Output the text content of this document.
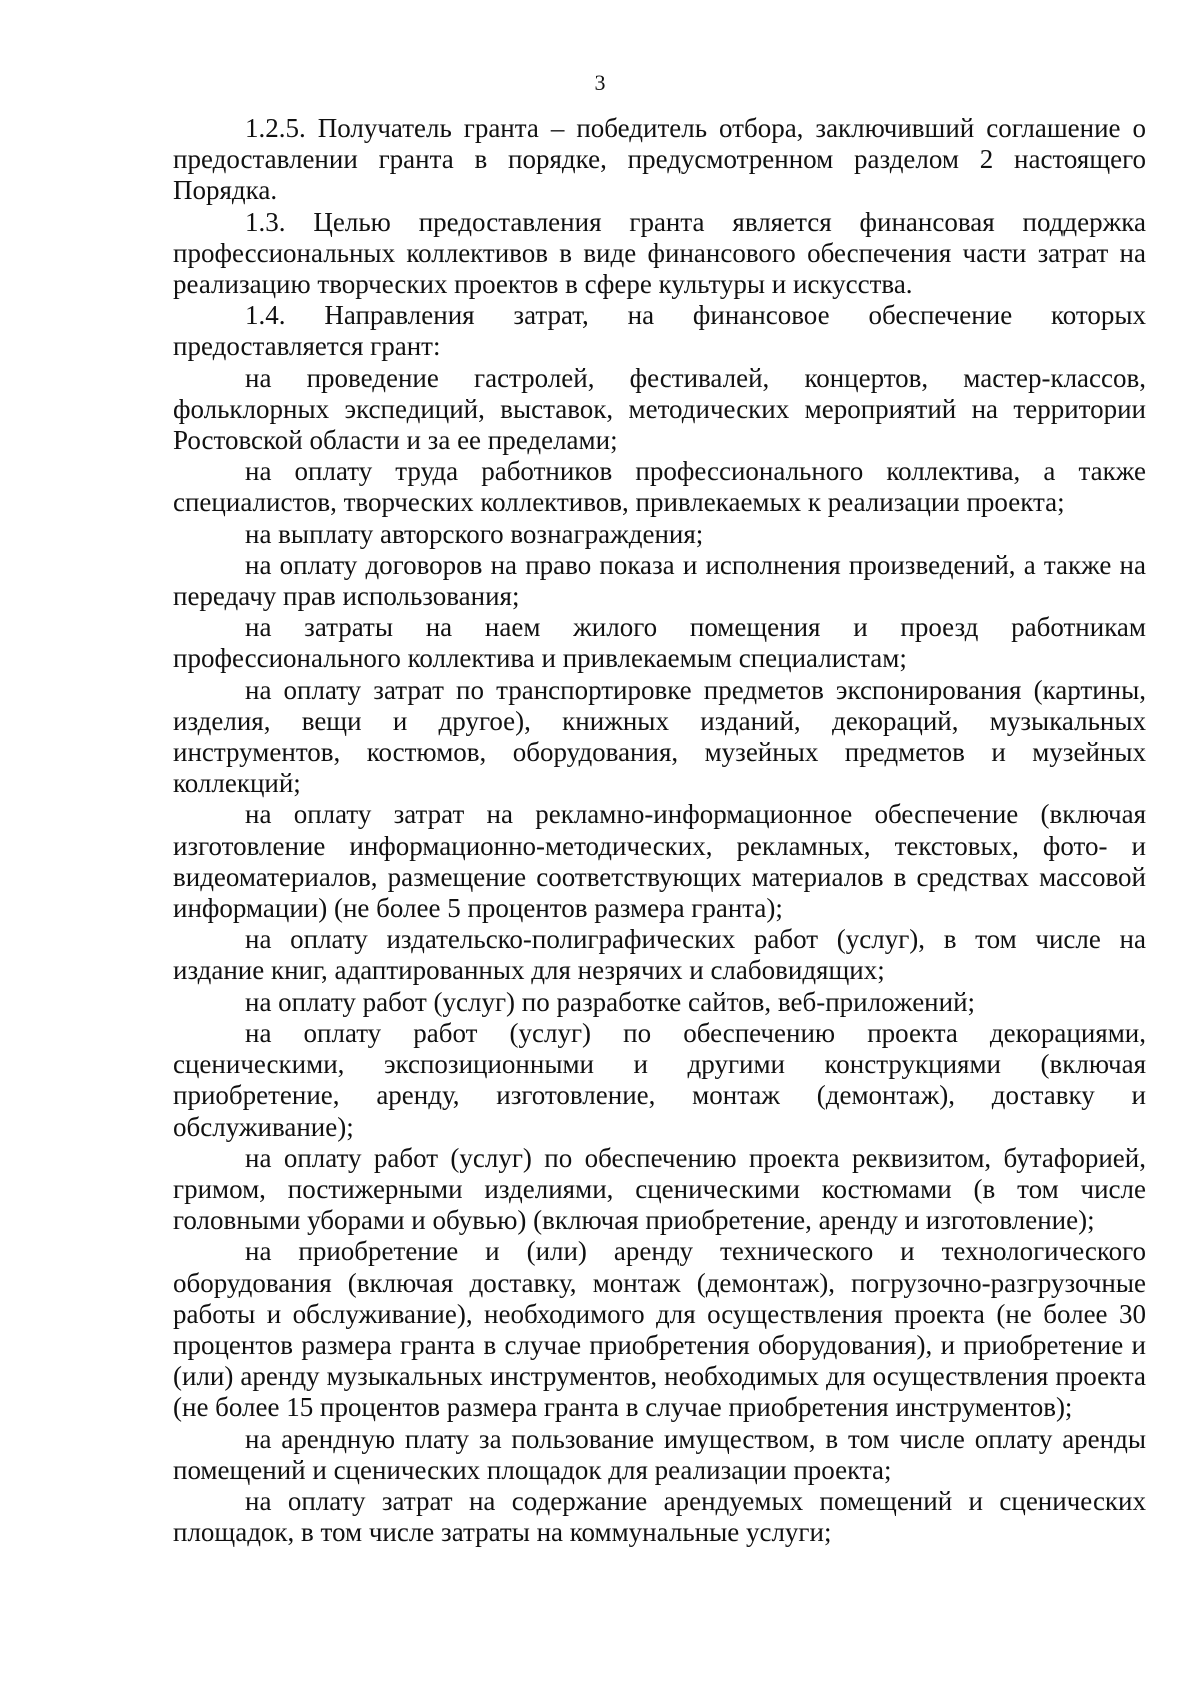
3

1.2.5. Получатель гранта – победитель отбора, заключивший соглашение о предоставлении гранта в порядке, предусмотренном разделом 2 настоящего Порядка.

1.3. Целью предоставления гранта является финансовая поддержка профессиональных коллективов в виде финансового обеспечения части затрат на реализацию творческих проектов в сфере культуры и искусства.

1.4. Направления затрат, на финансовое обеспечение которых предоставляется грант:

на проведение гастролей, фестивалей, концертов, мастер-классов, фольклорных экспедиций, выставок, методических мероприятий на территории Ростовской области и за ее пределами;

на оплату труда работников профессионального коллектива, а также специалистов, творческих коллективов, привлекаемых к реализации проекта;

на выплату авторского вознаграждения;

на оплату договоров на право показа и исполнения произведений, а также на передачу прав использования;

на затраты на наем жилого помещения и проезд работникам профессионального коллектива и привлекаемым специалистам;

на оплату затрат по транспортировке предметов экспонирования (картины, изделия, вещи и другое), книжных изданий, декораций, музыкальных инструментов, костюмов, оборудования, музейных предметов и музейных коллекций;

на оплату затрат на рекламно-информационное обеспечение (включая изготовление информационно-методических, рекламных, текстовых, фото- и видеоматериалов, размещение соответствующих материалов в средствах массовой информации) (не более 5 процентов размера гранта);

на оплату издательско-полиграфических работ (услуг), в том числе на издание книг, адаптированных для незрячих и слабовидящих;

на оплату работ (услуг) по разработке сайтов, веб-приложений;

на оплату работ (услуг) по обеспечению проекта декорациями, сценическими, экспозиционными и другими конструкциями (включая приобретение, аренду, изготовление, монтаж (демонтаж), доставку и обслуживание);

на оплату работ (услуг) по обеспечению проекта реквизитом, бутафорией, гримом, постижерными изделиями, сценическими костюмами (в том числе головными уборами и обувью) (включая приобретение, аренду и изготовление);

на приобретение и (или) аренду технического и технологического оборудования (включая доставку, монтаж (демонтаж), погрузочно-разгрузочные работы и обслуживание), необходимого для осуществления проекта (не более 30 процентов размера гранта в случае приобретения оборудования), и приобретение и (или) аренду музыкальных инструментов, необходимых для осуществления проекта (не более 15 процентов размера гранта в случае приобретения инструментов);

на арендную плату за пользование имуществом, в том числе оплату аренды помещений и сценических площадок для реализации проекта;

на оплату затрат на содержание арендуемых помещений и сценических площадок, в том числе затраты на коммунальные услуги;
